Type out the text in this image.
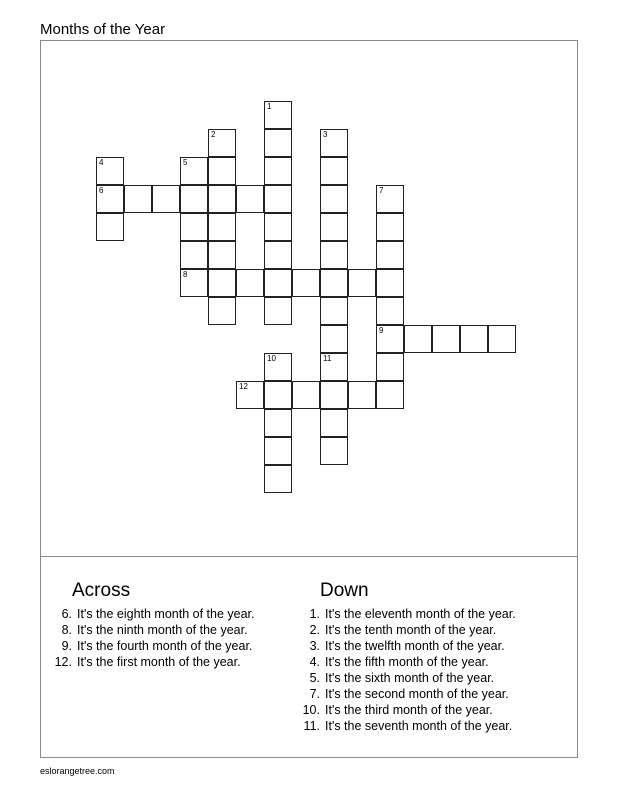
Months of the Year
1
2	3
4	5
6	7
9
8
10	11
12
Across
6. It's the eighth month of the year.
8. It's the ninth month of the year.
9. It's the fourth month of the year.
12. It's the first month of the year.
Down
1. It's the eleventh month of the year.
2. It's the tenth month of the year.
3. It's the twelfth month of the year.
4. It's the fifth month of the year.
5. It's the sixth month of the year.
7. It's the second month of the year.
10. It's the third month of the year.
11. It's the seventh month of the year.
eslorangetree.com
